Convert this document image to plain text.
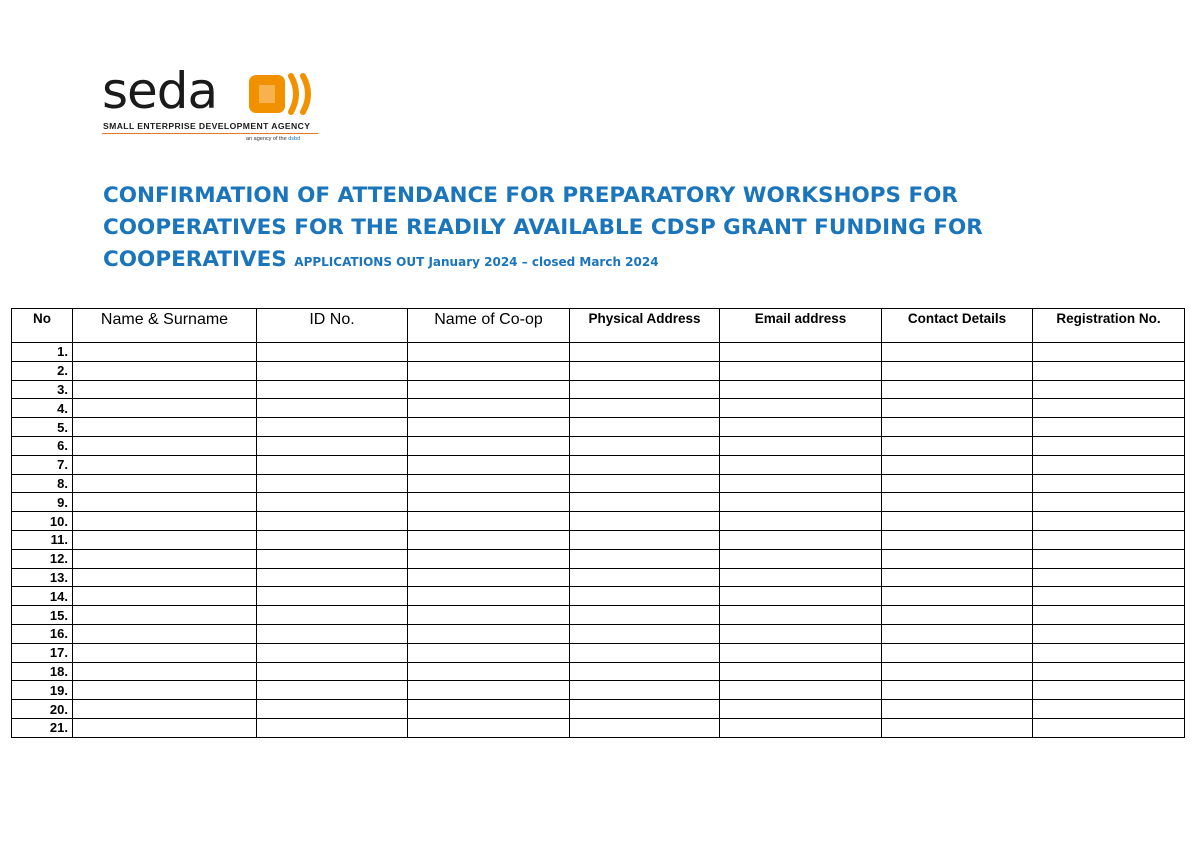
seda
SMALL ENTERPRISE DEVELOPMENT AGENCY
an agency of the dsbd
CONFIRMATION OF ATTENDANCE FOR PREPARATORY WORKSHOPS FOR COOPERATIVES FOR THE READILY AVAILABLE CDSP GRANT FUNDING FOR COOPERATIVES APPLICATIONS OUT January 2024 – closed March 2024
No	Name & Surname	ID No.	Name of Co-op	Physical Address	Email address	Contact Details	Registration No.
1.							
2.							
3.							
4.							
5.							
6.							
7.							
8.							
9.							
10.							
11.							
12.							
13.							
14.							
15.							
16.							
17.							
18.							
19.							
20.							
21.							
